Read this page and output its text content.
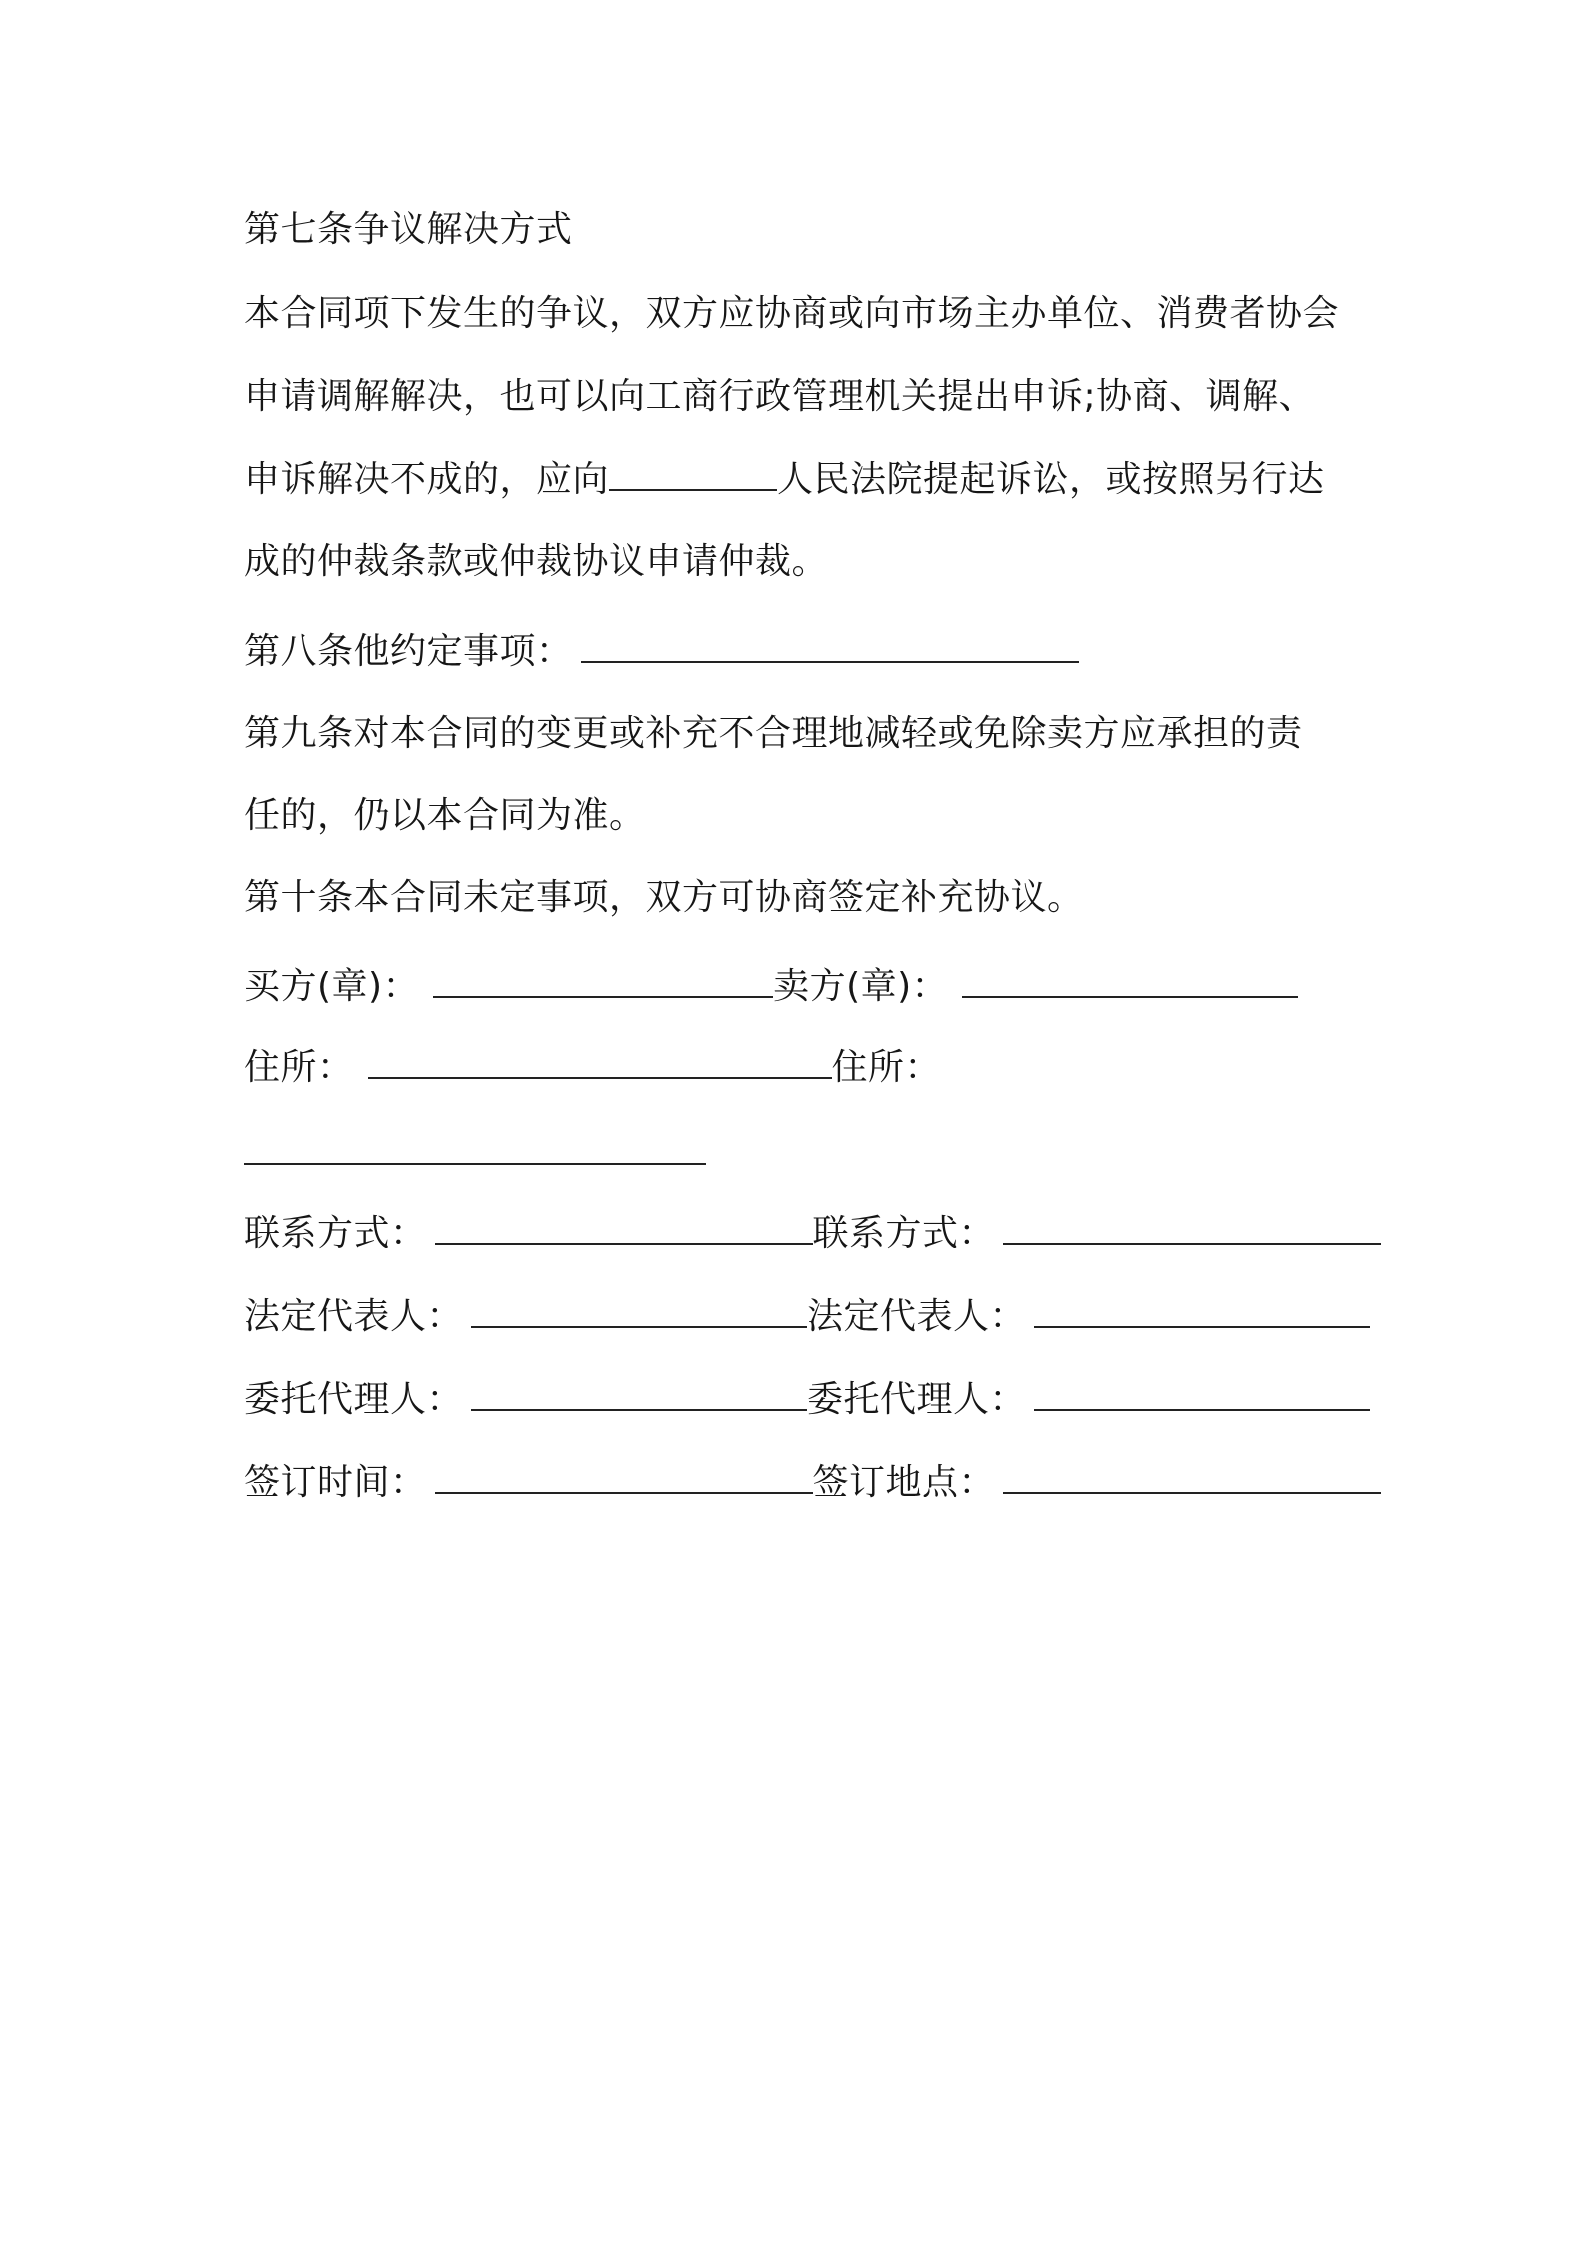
第七条争议解决方式
本合同项下发生的争议，双方应协商或向市场主办单位、消费者协会
申请调解解决，也可以向工商行政管理机关提出申诉;协商、调解、
申诉解决不成的，应向	人民法院提起诉讼，或按照另行达
成的仲裁条款或仲裁协议申请仲裁。
第八条他约定事项：
第九条对本合同的变更或补充不合理地减轻或免除卖方应承担的责
任的，仍以本合同为准。
第十条本合同未定事项，双方可协商签定补充协议。
买方(章)：	卖方(章)：
住所：	住所：
联系方式：	联系方式：
法定代表人：	法定代表人：
委托代理人：	委托代理人：
签订时间：	签订地点：
